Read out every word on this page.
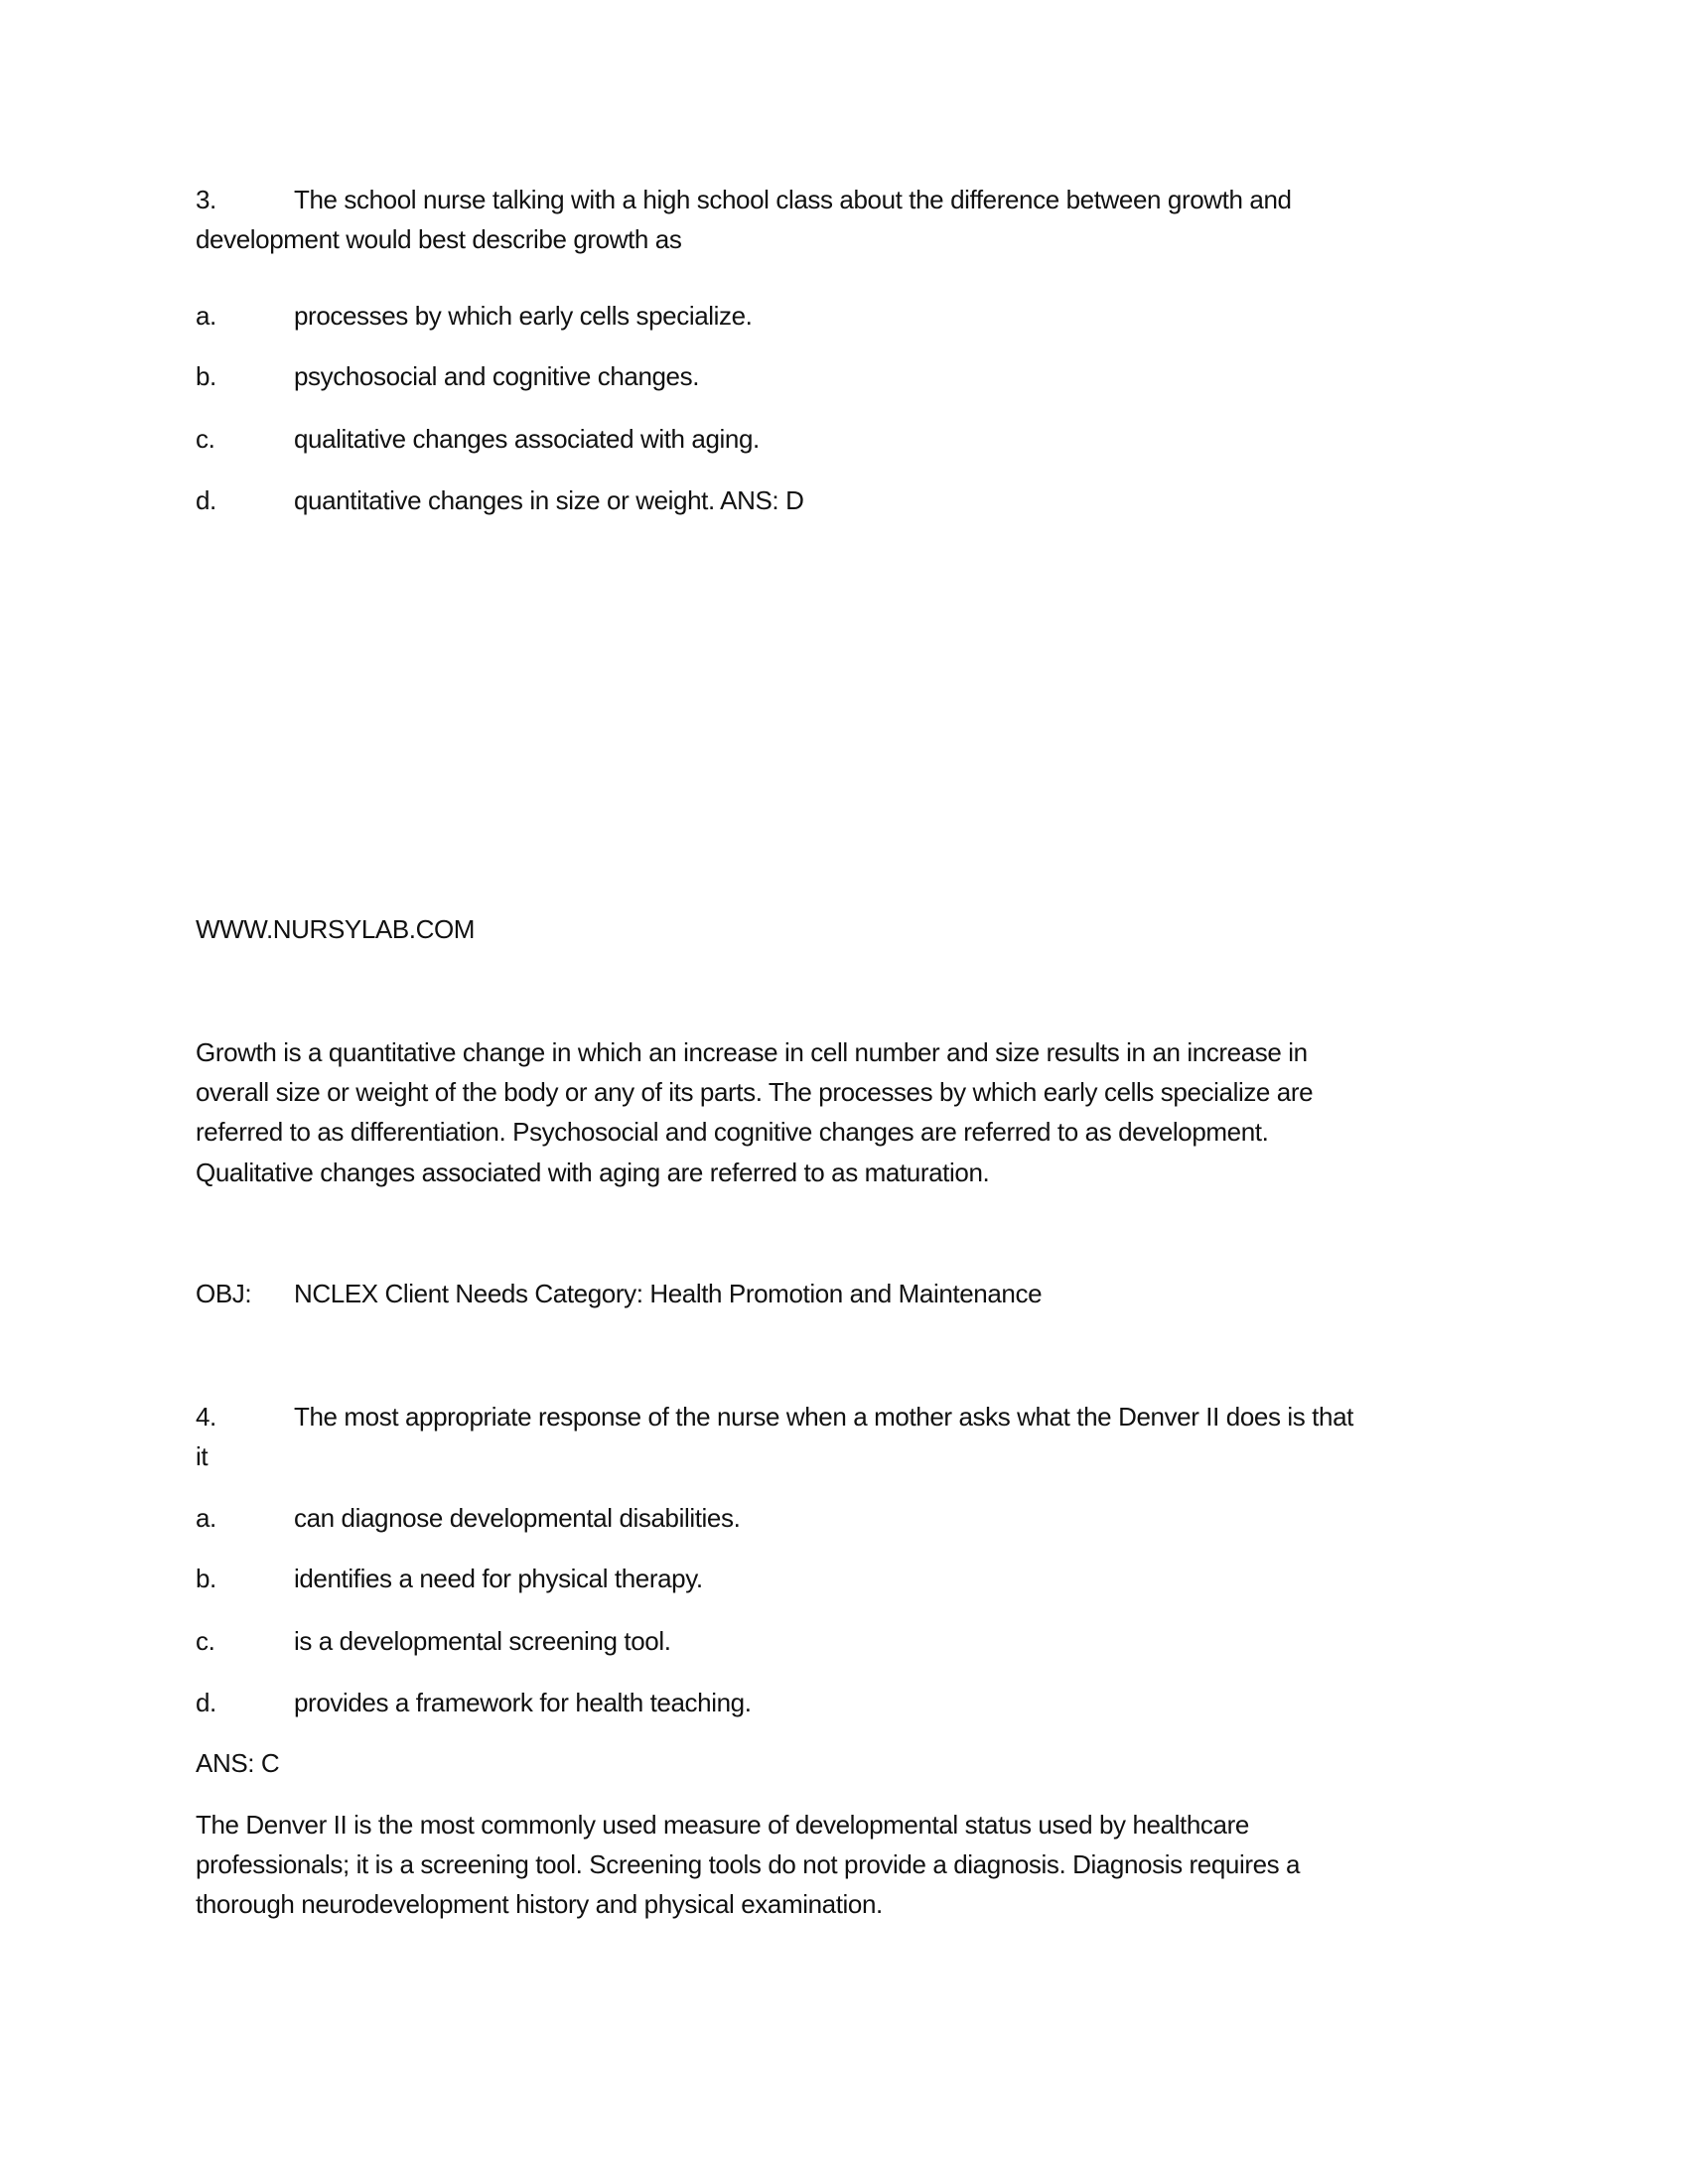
3.	The school nurse talking with a high school class about the difference between growth and
development would best describe growth as
a.	processes by which early cells specialize.
b.	psychosocial and cognitive changes.
c.	qualitative changes associated with aging.
d.	quantitative changes in size or weight. ANS: D
WWW.NURSYLAB.COM
Growth is a quantitative change in which an increase in cell number and size results in an increase in
overall size or weight of the body or any of its parts. The processes by which early cells specialize are
referred to as differentiation. Psychosocial and cognitive changes are referred to as development.
Qualitative changes associated with aging are referred to as maturation.
OBJ: NCLEX Client Needs Category: Health Promotion and Maintenance
4.	The most appropriate response of the nurse when a mother asks what the Denver II does is that
it
a.	can diagnose developmental disabilities.
b.	identifies a need for physical therapy.
c.	is a developmental screening tool.
d.	provides a framework for health teaching.
ANS: C
The Denver II is the most commonly used measure of developmental status used by healthcare
professionals; it is a screening tool. Screening tools do not provide a diagnosis. Diagnosis requires a
thorough neurodevelopment history and physical examination.
